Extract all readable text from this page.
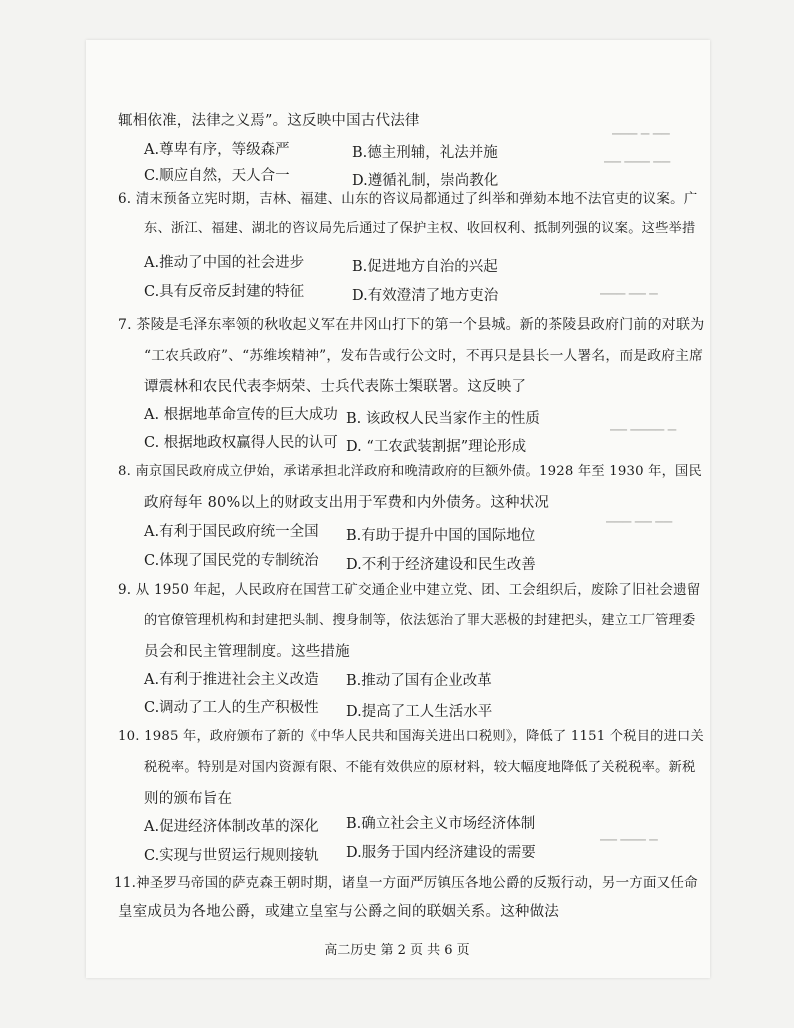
▁▁▁ ▁ ▁▁
▁▁ ▁▁▁ ▁▁
▁▁▁ ▁▁ ▁
▁▁ ▁▁▁▁ ▁
▁▁▁ ▁▁ ▁▁
▁▁ ▁▁▁ ▁
辄相依准，法律之义焉”。这反映中国古代法律
A.尊卑有序，等级森严	B.德主刑辅，礼法并施
C.顺应自然，天人合一	D.遵循礼制，崇尚教化
6. 清末预备立宪时期，吉林、福建、山东的咨议局都通过了纠举和弹劾本地不法官吏的议案。广
东、浙江、福建、湖北的咨议局先后通过了保护主权、收回权利、抵制列强的议案。这些举措
A.推动了中国的社会进步	B.促进地方自治的兴起
C.具有反帝反封建的特征	D.有效澄清了地方吏治
7. 茶陵是毛泽东率领的秋收起义军在井冈山打下的第一个县城。新的茶陵县政府门前的对联为
“工农兵政府”、“苏维埃精神”，发布告或行公文时，不再只是县长一人署名，而是政府主席
谭震林和农民代表李炳荣、士兵代表陈士榘联署。这反映了
A. 根据地革命宣传的巨大成功 B. 该政权人民当家作主的性质
C. 根据地政权赢得人民的认可 D. “工农武装割据”理论形成
8. 南京国民政府成立伊始，承诺承担北洋政府和晚清政府的巨额外债。1928 年至 1930 年，国民
政府每年 80%以上的财政支出用于军费和内外债务。这种状况
A.有利于国民政府统一全国 B.有助于提升中国的国际地位
C.体现了国民党的专制统治 D.不利于经济建设和民生改善
9. 从 1950 年起，人民政府在国营工矿交通企业中建立党、团、工会组织后，废除了旧社会遗留
的官僚管理机构和封建把头制、搜身制等，依法惩治了罪大恶极的封建把头，建立工厂管理委
员会和民主管理制度。这些措施
A.有利于推进社会主义改造 B.推动了国有企业改革
C.调动了工人的生产积极性 D.提高了工人生活水平
10. 1985 年，政府颁布了新的《中华人民共和国海关进出口税则》，降低了 1151 个税目的进口关
税税率。特别是对国内资源有限、不能有效供应的原材料，较大幅度地降低了关税税率。新税
则的颁布旨在
A.促进经济体制改革的深化 B.确立社会主义市场经济体制
C.实现与世贸运行规则接轨 D.服务于国内经济建设的需要
11.神圣罗马帝国的萨克森王朝时期，诸皇一方面严厉镇压各地公爵的反叛行动，另一方面又任命
皇室成员为各地公爵，或建立皇室与公爵之间的联姻关系。这种做法
高二历史 第 2 页 共 6 页
